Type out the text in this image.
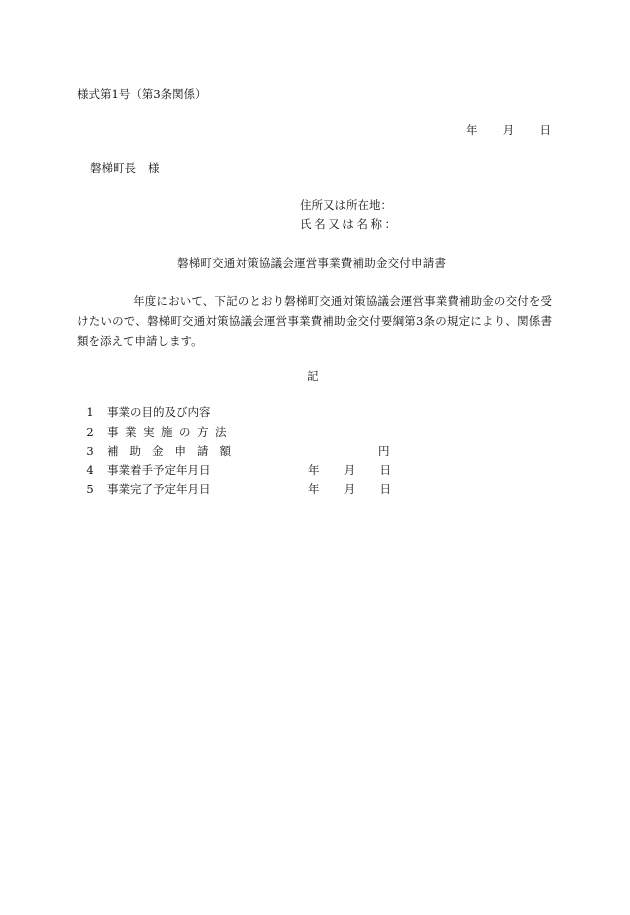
様式第1号（第3条関係）
年 月 日
磐梯町長 様
住所又は所在地：
氏名又は名称：
磐梯町交通対策協議会運営事業費補助金交付申請書
年度において、下記のとおり磐梯町交通対策協議会運営事業費補助金の交付を受けたいので、磐梯町交通対策協議会運営事業費補助金交付要綱第3条の規定により、関係書類を添えて申請します。
記
1 事業の目的及び内容
2 事業実施の方法
3 補助金申請額	円
4 事業着手予定年月日	年 月 日
5 事業完了予定年月日	年 月 日
